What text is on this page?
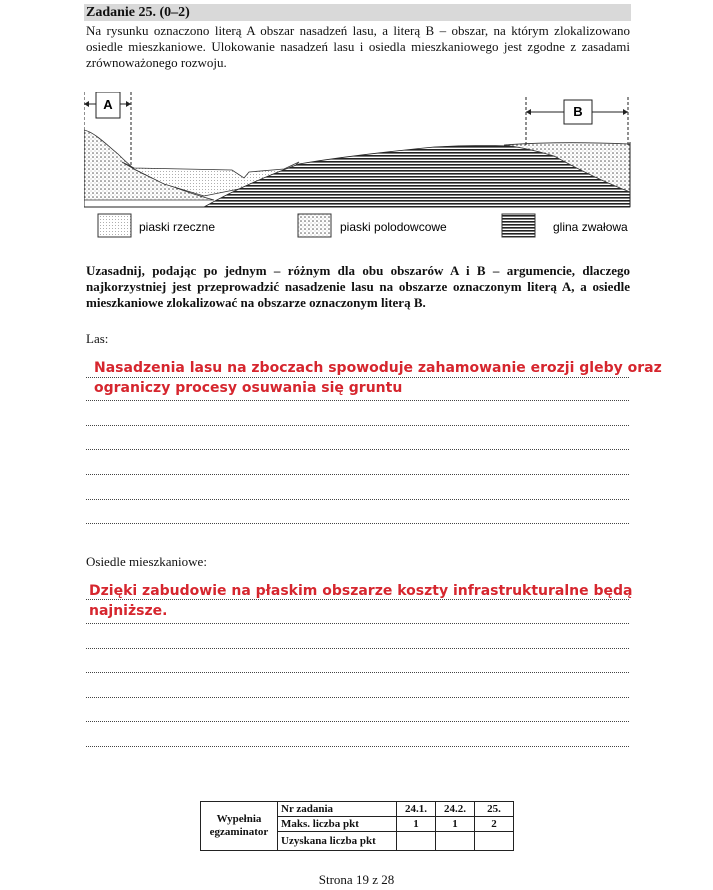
Zadanie 25. (0–2)
Na rysunku oznaczono literą A obszar nasadzeń lasu, a literą B – obszar, na którym zlokalizowano osiedle mieszkaniowe. Ulokowanie nasadzeń lasu i osiedla mieszkaniowego jest zgodne z zasadami zrównoważonego rozwoju.
A	B
piaski rzeczne	piaski polodowcowe	glina zwałowa
Uzasadnij, podając po jednym – różnym dla obu obszarów A i B – argumencie, dlaczego najkorzystniej jest przeprowadzić nasadzenie lasu na obszarze oznaczonym literą A, a osiedle mieszkaniowe zlokalizować na obszarze oznaczonym literą B.
Las:
Nasadzenia lasu na zboczach spowoduje zahamowanie erozji gleby oraz
ograniczy procesy osuwania się gruntu
Osiedle mieszkaniowe:
Dzięki zabudowie na płaskim obszarze koszty infrastrukturalne będą
najniższe.
Wypełnia
egzaminator	Nr zadania	24.1.	24.2.	25.
	Maks. liczba pkt	1	1	2
	Uzyskana liczba pkt			
Strona 19 z 28
